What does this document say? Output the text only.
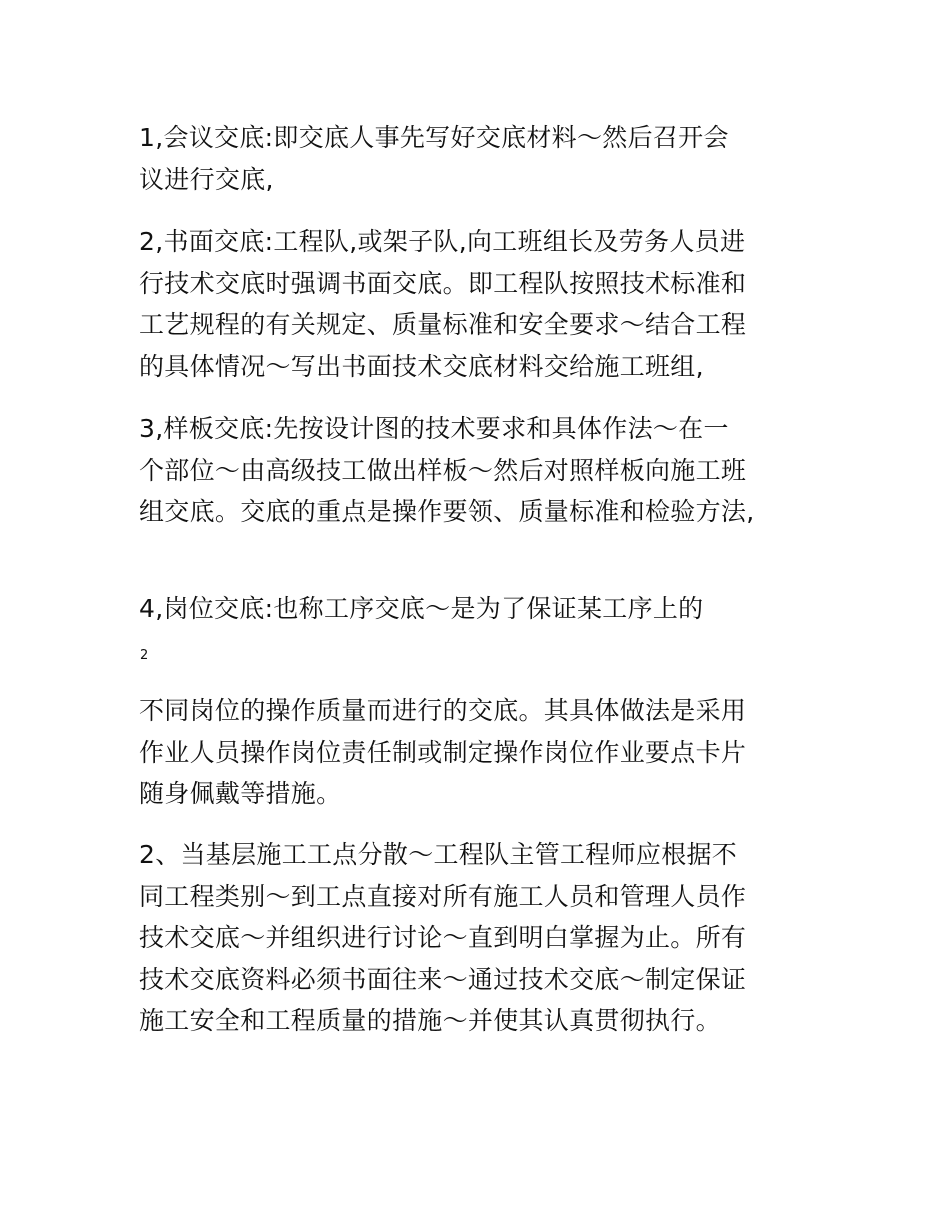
1,会议交底:即交底人事先写好交底材料～然后召开会
议进行交底,

2,书面交底:工程队,或架子队,向工班组长及劳务人员进
行技术交底时强调书面交底。即工程队按照技术标准和
工艺规程的有关规定、质量标准和安全要求～结合工程
的具体情况～写出书面技术交底材料交给施工班组,

3,样板交底:先按设计图的技术要求和具体作法～在一
个部位～由高级技工做出样板～然后对照样板向施工班
组交底。交底的重点是操作要领、质量标准和检验方法,

4,岗位交底:也称工序交底～是为了保证某工序上的

2

不同岗位的操作质量而进行的交底。其具体做法是采用
作业人员操作岗位责任制或制定操作岗位作业要点卡片
随身佩戴等措施。

2、当基层施工工点分散～工程队主管工程师应根据不
同工程类别～到工点直接对所有施工人员和管理人员作
技术交底～并组织进行讨论～直到明白掌握为止。所有
技术交底资料必须书面往来～通过技术交底～制定保证
施工安全和工程质量的措施～并使其认真贯彻执行。
